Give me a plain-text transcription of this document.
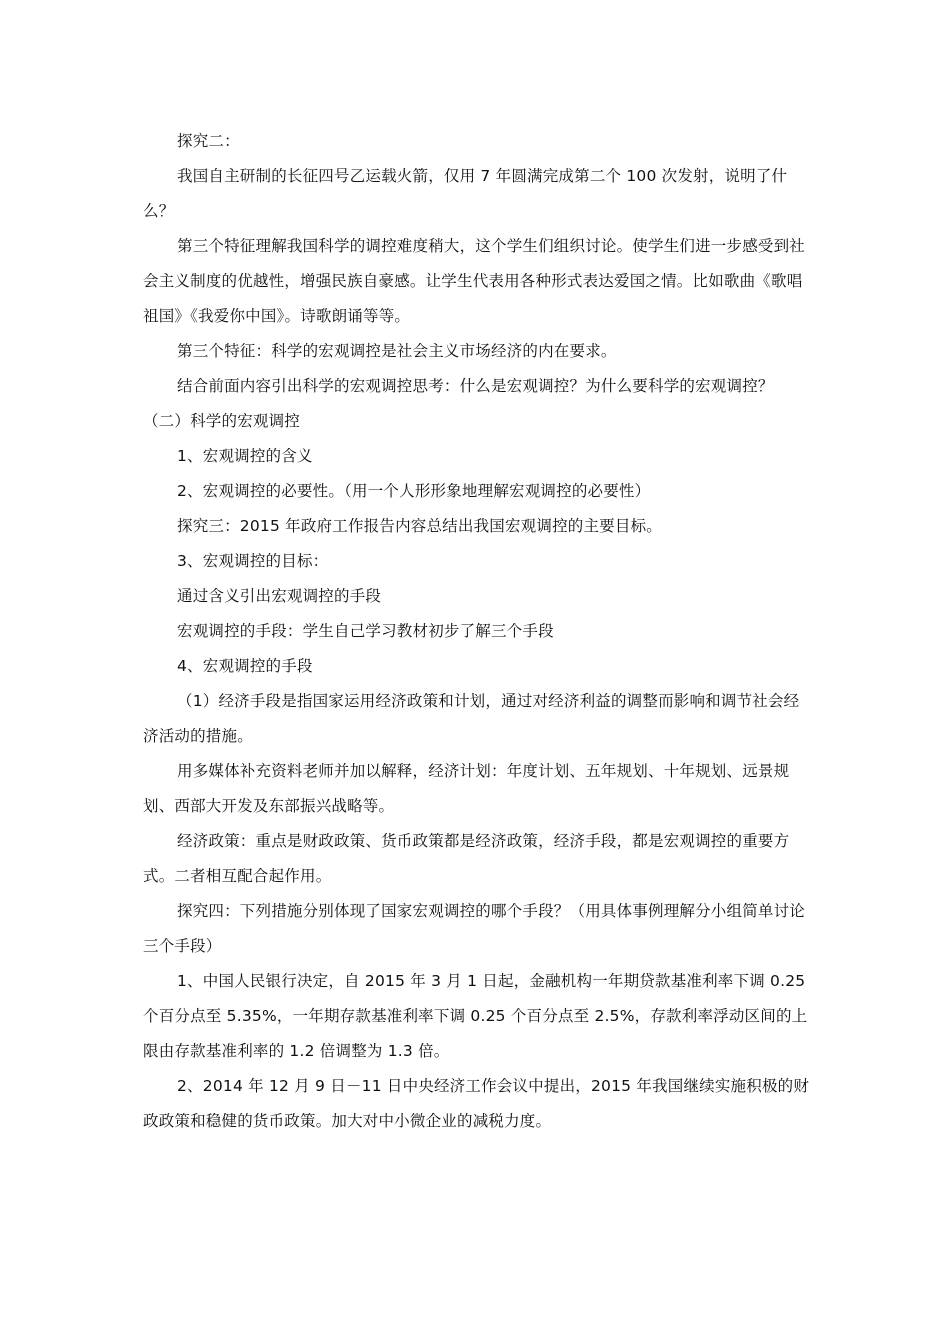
探究二：

我国自主研制的长征四号乙运载火箭，仅用 7 年圆满完成第二个 100 次发射，说明了什么？

第三个特征理解我国科学的调控难度稍大，这个学生们组织讨论。使学生们进一步感受到社会主义制度的优越性，增强民族自豪感。让学生代表用各种形式表达爱国之情。比如歌曲《歌唱祖国》《我爱你中国》。诗歌朗诵等等。

第三个特征：科学的宏观调控是社会主义市场经济的内在要求。

结合前面内容引出科学的宏观调控思考：什么是宏观调控？为什么要科学的宏观调控？

（二）科学的宏观调控

1、宏观调控的含义

2、宏观调控的必要性。（用一个人形形象地理解宏观调控的必要性）

探究三：2015 年政府工作报告内容总结出我国宏观调控的主要目标。

3、宏观调控的目标：

通过含义引出宏观调控的手段

宏观调控的手段：学生自己学习教材初步了解三个手段

4、宏观调控的手段

（1）经济手段是指国家运用经济政策和计划，通过对经济利益的调整而影响和调节社会经济活动的措施。

用多媒体补充资料老师并加以解释，经济计划：年度计划、五年规划、十年规划、远景规划、西部大开发及东部振兴战略等。

经济政策：重点是财政政策、货币政策都是经济政策，经济手段，都是宏观调控的重要方式。二者相互配合起作用。

探究四：下列措施分别体现了国家宏观调控的哪个手段？（用具体事例理解分小组简单讨论三个手段）

1、中国人民银行决定，自 2015 年 3 月 1 日起，金融机构一年期贷款基准利率下调 0.25 个百分点至 5.35%，一年期存款基准利率下调 0.25 个百分点至 2.5%，存款利率浮动区间的上限由存款基准利率的 1.2 倍调整为 1.3 倍。

2、2014 年 12 月 9 日－11 日中央经济工作会议中提出，2015 年我国继续实施积极的财政政策和稳健的货币政策。加大对中小微企业的减税力度。
